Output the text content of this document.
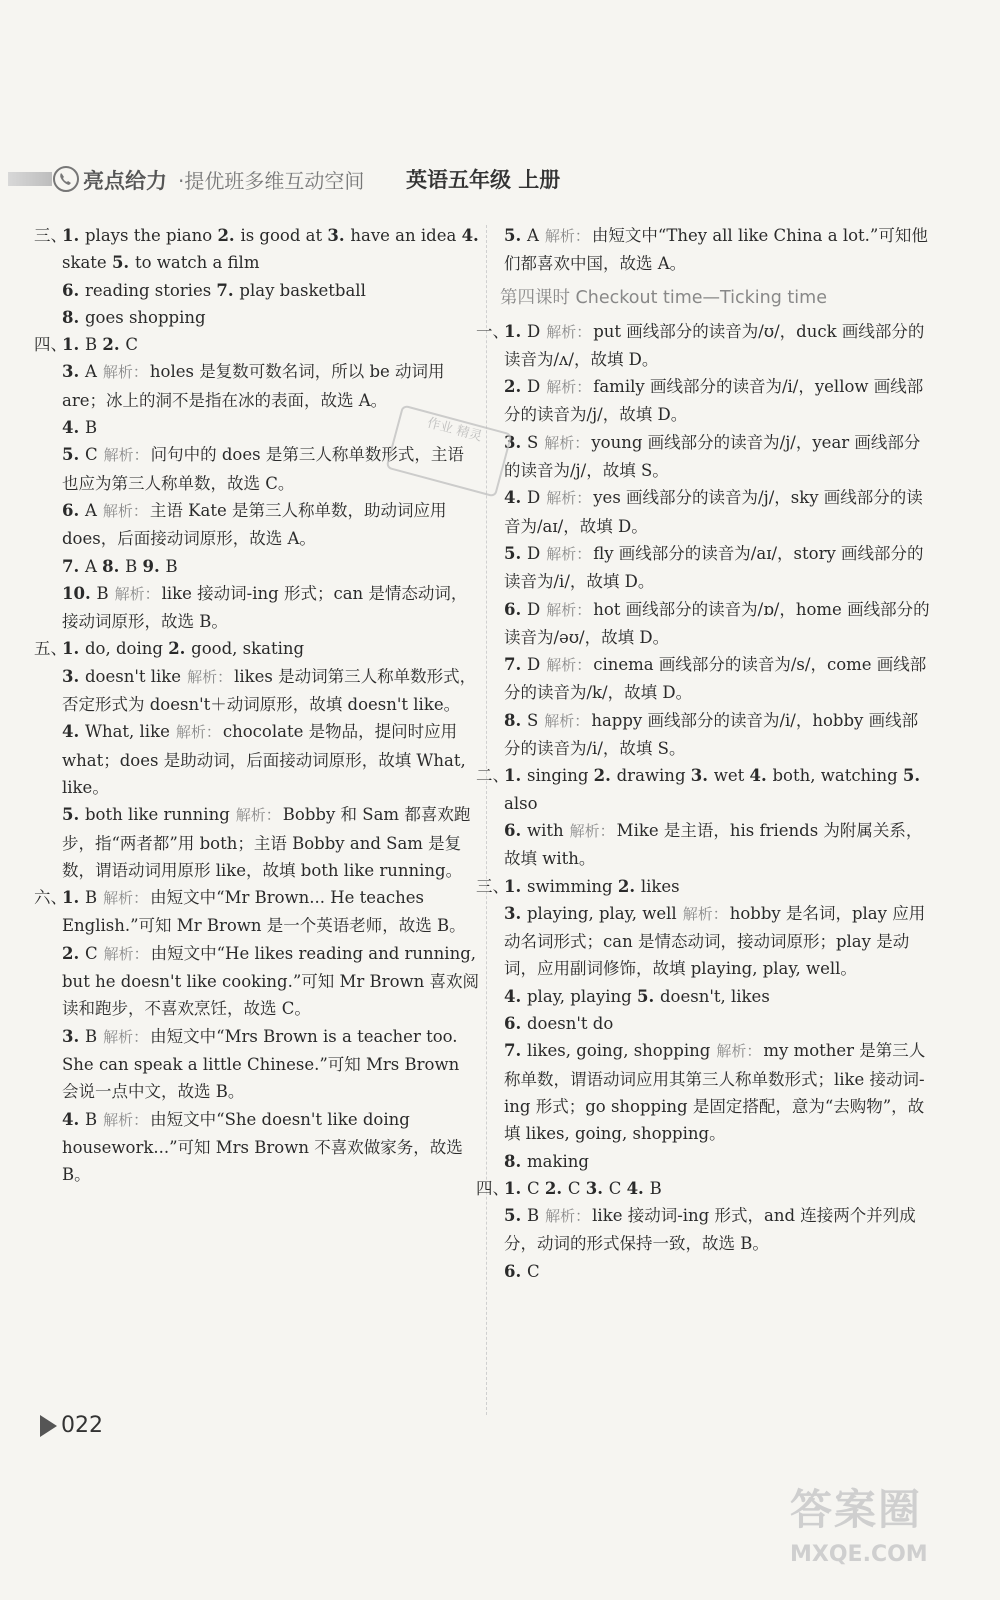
亮点给力 ·提优班多维互动空间 英语五年级 上册
三、
1. plays the piano 2. is good at 3. have an idea 4. skate 5. to watch a film
6. reading stories 7. play basketball
8. goes shopping
四、
1. B 2. C
3. A 解析： holes 是复数可数名词，所以 be 动词用 are；冰上的洞不是指在冰的表面，故选 A。
4. B
5. C 解析： 问句中的 does 是第三人称单数形式，主语也应为第三人称单数，故选 C。
6. A 解析： 主语 Kate 是第三人称单数，助动词应用 does，后面接动词原形，故选 A。
7. A 8. B 9. B
10. B 解析： like 接动词-ing 形式；can 是情态动词，接动词原形，故选 B。
五、
1. do, doing 2. good, skating
3. doesn't like 解析： likes 是动词第三人称单数形式，否定形式为 doesn't＋动词原形，故填 doesn't like。
4. What, like 解析： chocolate 是物品，提问时应用 what；does 是助动词，后面接动词原形，故填 What, like。
5. both like running 解析： Bobby 和 Sam 都喜欢跑步，指“两者都”用 both；主语 Bobby and Sam 是复数，谓语动词用原形 like，故填 both like running。
六、
1. B 解析： 由短文中“Mr Brown... He teaches English.”可知 Mr Brown 是一个英语老师，故选 B。
2. C 解析： 由短文中“He likes reading and running, but he doesn't like cooking.”可知 Mr Brown 喜欢阅读和跑步，不喜欢烹饪，故选 C。
3. B 解析： 由短文中“Mrs Brown is a teacher too. She can speak a little Chinese.”可知 Mrs Brown 会说一点中文，故选 B。
4. B 解析： 由短文中“She doesn't like doing housework...”可知 Mrs Brown 不喜欢做家务，故选 B。
5. A 解析： 由短文中“They all like China a lot.”可知他们都喜欢中国，故选 A。
第四课时 Checkout time—Ticking time
一、
1. D 解析： put 画线部分的读音为/ʊ/，duck 画线部分的读音为/ʌ/，故填 D。
2. D 解析： family 画线部分的读音为/i/，yellow 画线部分的读音为/j/，故填 D。
3. S 解析： young 画线部分的读音为/j/，year 画线部分的读音为/j/，故填 S。
4. D 解析： yes 画线部分的读音为/j/，sky 画线部分的读音为/aɪ/，故填 D。
5. D 解析： fly 画线部分的读音为/aɪ/，story 画线部分的读音为/i/，故填 D。
6. D 解析： hot 画线部分的读音为/ɒ/，home 画线部分的读音为/əʊ/，故填 D。
7. D 解析： cinema 画线部分的读音为/s/，come 画线部分的读音为/k/，故填 D。
8. S 解析： happy 画线部分的读音为/i/，hobby 画线部分的读音为/i/，故填 S。
二、
1. singing 2. drawing 3. wet 4. both, watching 5. also
6. with 解析： Mike 是主语，his friends 为附属关系，故填 with。
三、
1. swimming 2. likes
3. playing, play, well 解析： hobby 是名词，play 应用动名词形式；can 是情态动词，接动词原形；play 是动词，应用副词修饰，故填 playing, play, well。
4. play, playing 5. doesn't, likes
6. doesn't do
7. likes, going, shopping 解析： my mother 是第三人称单数，谓语动词应用其第三人称单数形式；like 接动词-ing 形式；go shopping 是固定搭配，意为“去购物”，故填 likes, going, shopping。
8. making
四、
1. C 2. C 3. C 4. B
5. B 解析： like 接动词-ing 形式，and 连接两个并列成分，动词的形式保持一致，故选 B。
6. C
作业 精灵
022
答案圈
MXQE.COM
